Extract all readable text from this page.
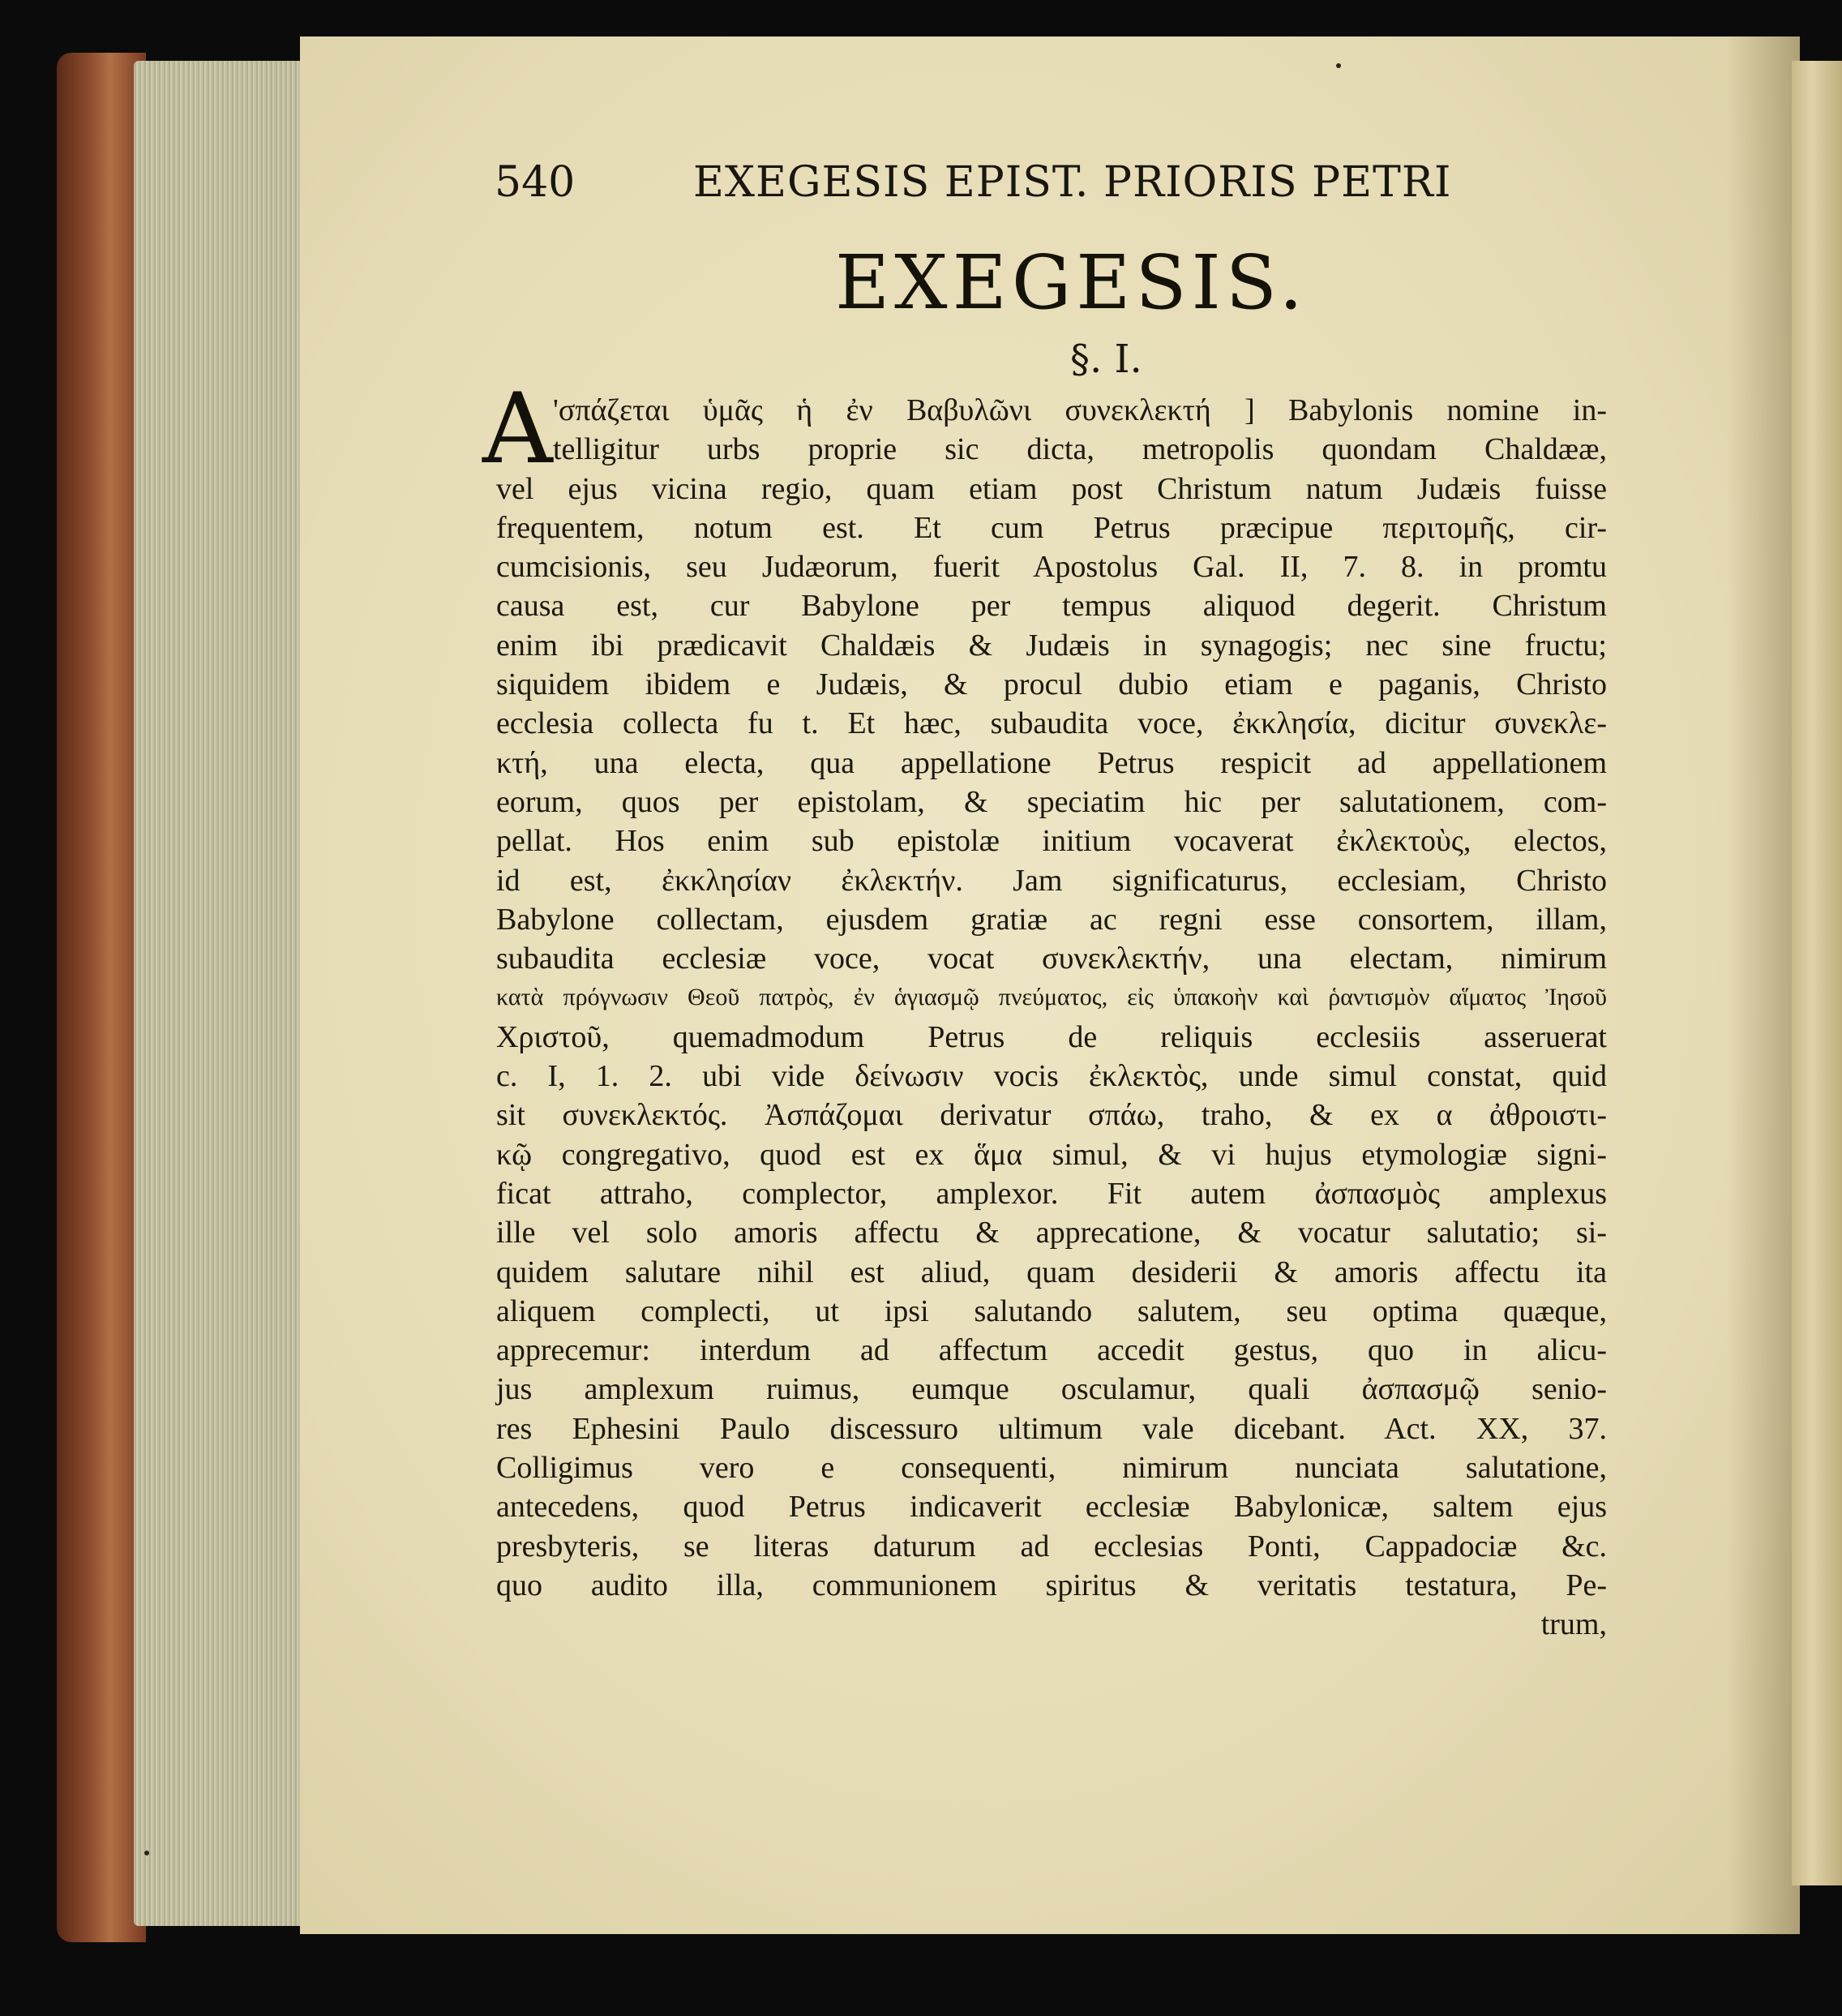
540	EXEGESIS EPIST. PRIORIS PETRI
EXEGESIS.
§. I.
A 'σπάζεται ὑμᾶς ἡ ἐν Βαβυλῶνι συνεκλεκτή ] Babylonis nomine in-
telligitur urbs proprie sic dicta, metropolis quondam Chaldææ,
vel ejus vicina regio, quam etiam post Christum natum Judæis fuisse
frequentem, notum est. Et cum Petrus præcipue περιτομῆς, cir-
cumcisionis, seu Judæorum, fuerit Apostolus Gal. II, 7. 8. in promtu
causa est, cur Babylone per tempus aliquod degerit. Christum
enim ibi prædicavit Chaldæis & Judæis in synagogis; nec sine fructu;
siquidem ibidem e Judæis, & procul dubio etiam e paganis, Christo
ecclesia collecta fu t. Et hæc, subaudita voce, ἐκκλησία, dicitur συνεκλε-
κτή, una electa, qua appellatione Petrus respicit ad appellationem
eorum, quos per epistolam, & speciatim hic per salutationem, com-
pellat. Hos enim sub epistolæ initium vocaverat ἐκλεκτοὺς, electos,
id est, ἐκκλησίαν ἐκλεκτήν. Jam significaturus, ecclesiam, Christo
Babylone collectam, ejusdem gratiæ ac regni esse consortem, illam,
subaudita ecclesiæ voce, vocat συνεκλεκτήν, una electam, nimirum
κατὰ πρόγνωσιν Θεοῦ πατρὸς, ἐν ἁγιασμῷ πνεύματος, εἰς ὑπακοὴν καὶ ῥαντισμὸν αἵματος Ἰησοῦ
Χριστοῦ, quemadmodum Petrus de reliquis ecclesiis asseruerat
c. I, 1. 2. ubi vide δείνωσιν vocis ἐκλεκτὸς, unde simul constat, quid
sit συνεκλεκτός. Ἀσπάζομαι derivatur σπάω, traho, & ex α ἀθροιστι-
κῷ congregativo, quod est ex ἅμα simul, & vi hujus etymologiæ signi-
ficat attraho, complector, amplexor. Fit autem ἀσπασμὸς amplexus
ille vel solo amoris affectu & apprecatione, & vocatur salutatio; si-
quidem salutare nihil est aliud, quam desiderii & amoris affectu ita
aliquem complecti, ut ipsi salutando salutem, seu optima quæque,
apprecemur: interdum ad affectum accedit gestus, quo in alicu-
jus amplexum ruimus, eumque osculamur, quali ἀσπασμῷ senio-
res Ephesini Paulo discessuro ultimum vale dicebant. Act. XX, 37.
Colligimus vero e consequenti, nimirum nunciata salutatione,
antecedens, quod Petrus indicaverit ecclesiæ Babylonicæ, saltem ejus
presbyteris, se literas daturum ad ecclesias Ponti, Cappadociæ &c.
quo audito illa, communionem spiritus & veritatis testatura, Pe-
trum,
